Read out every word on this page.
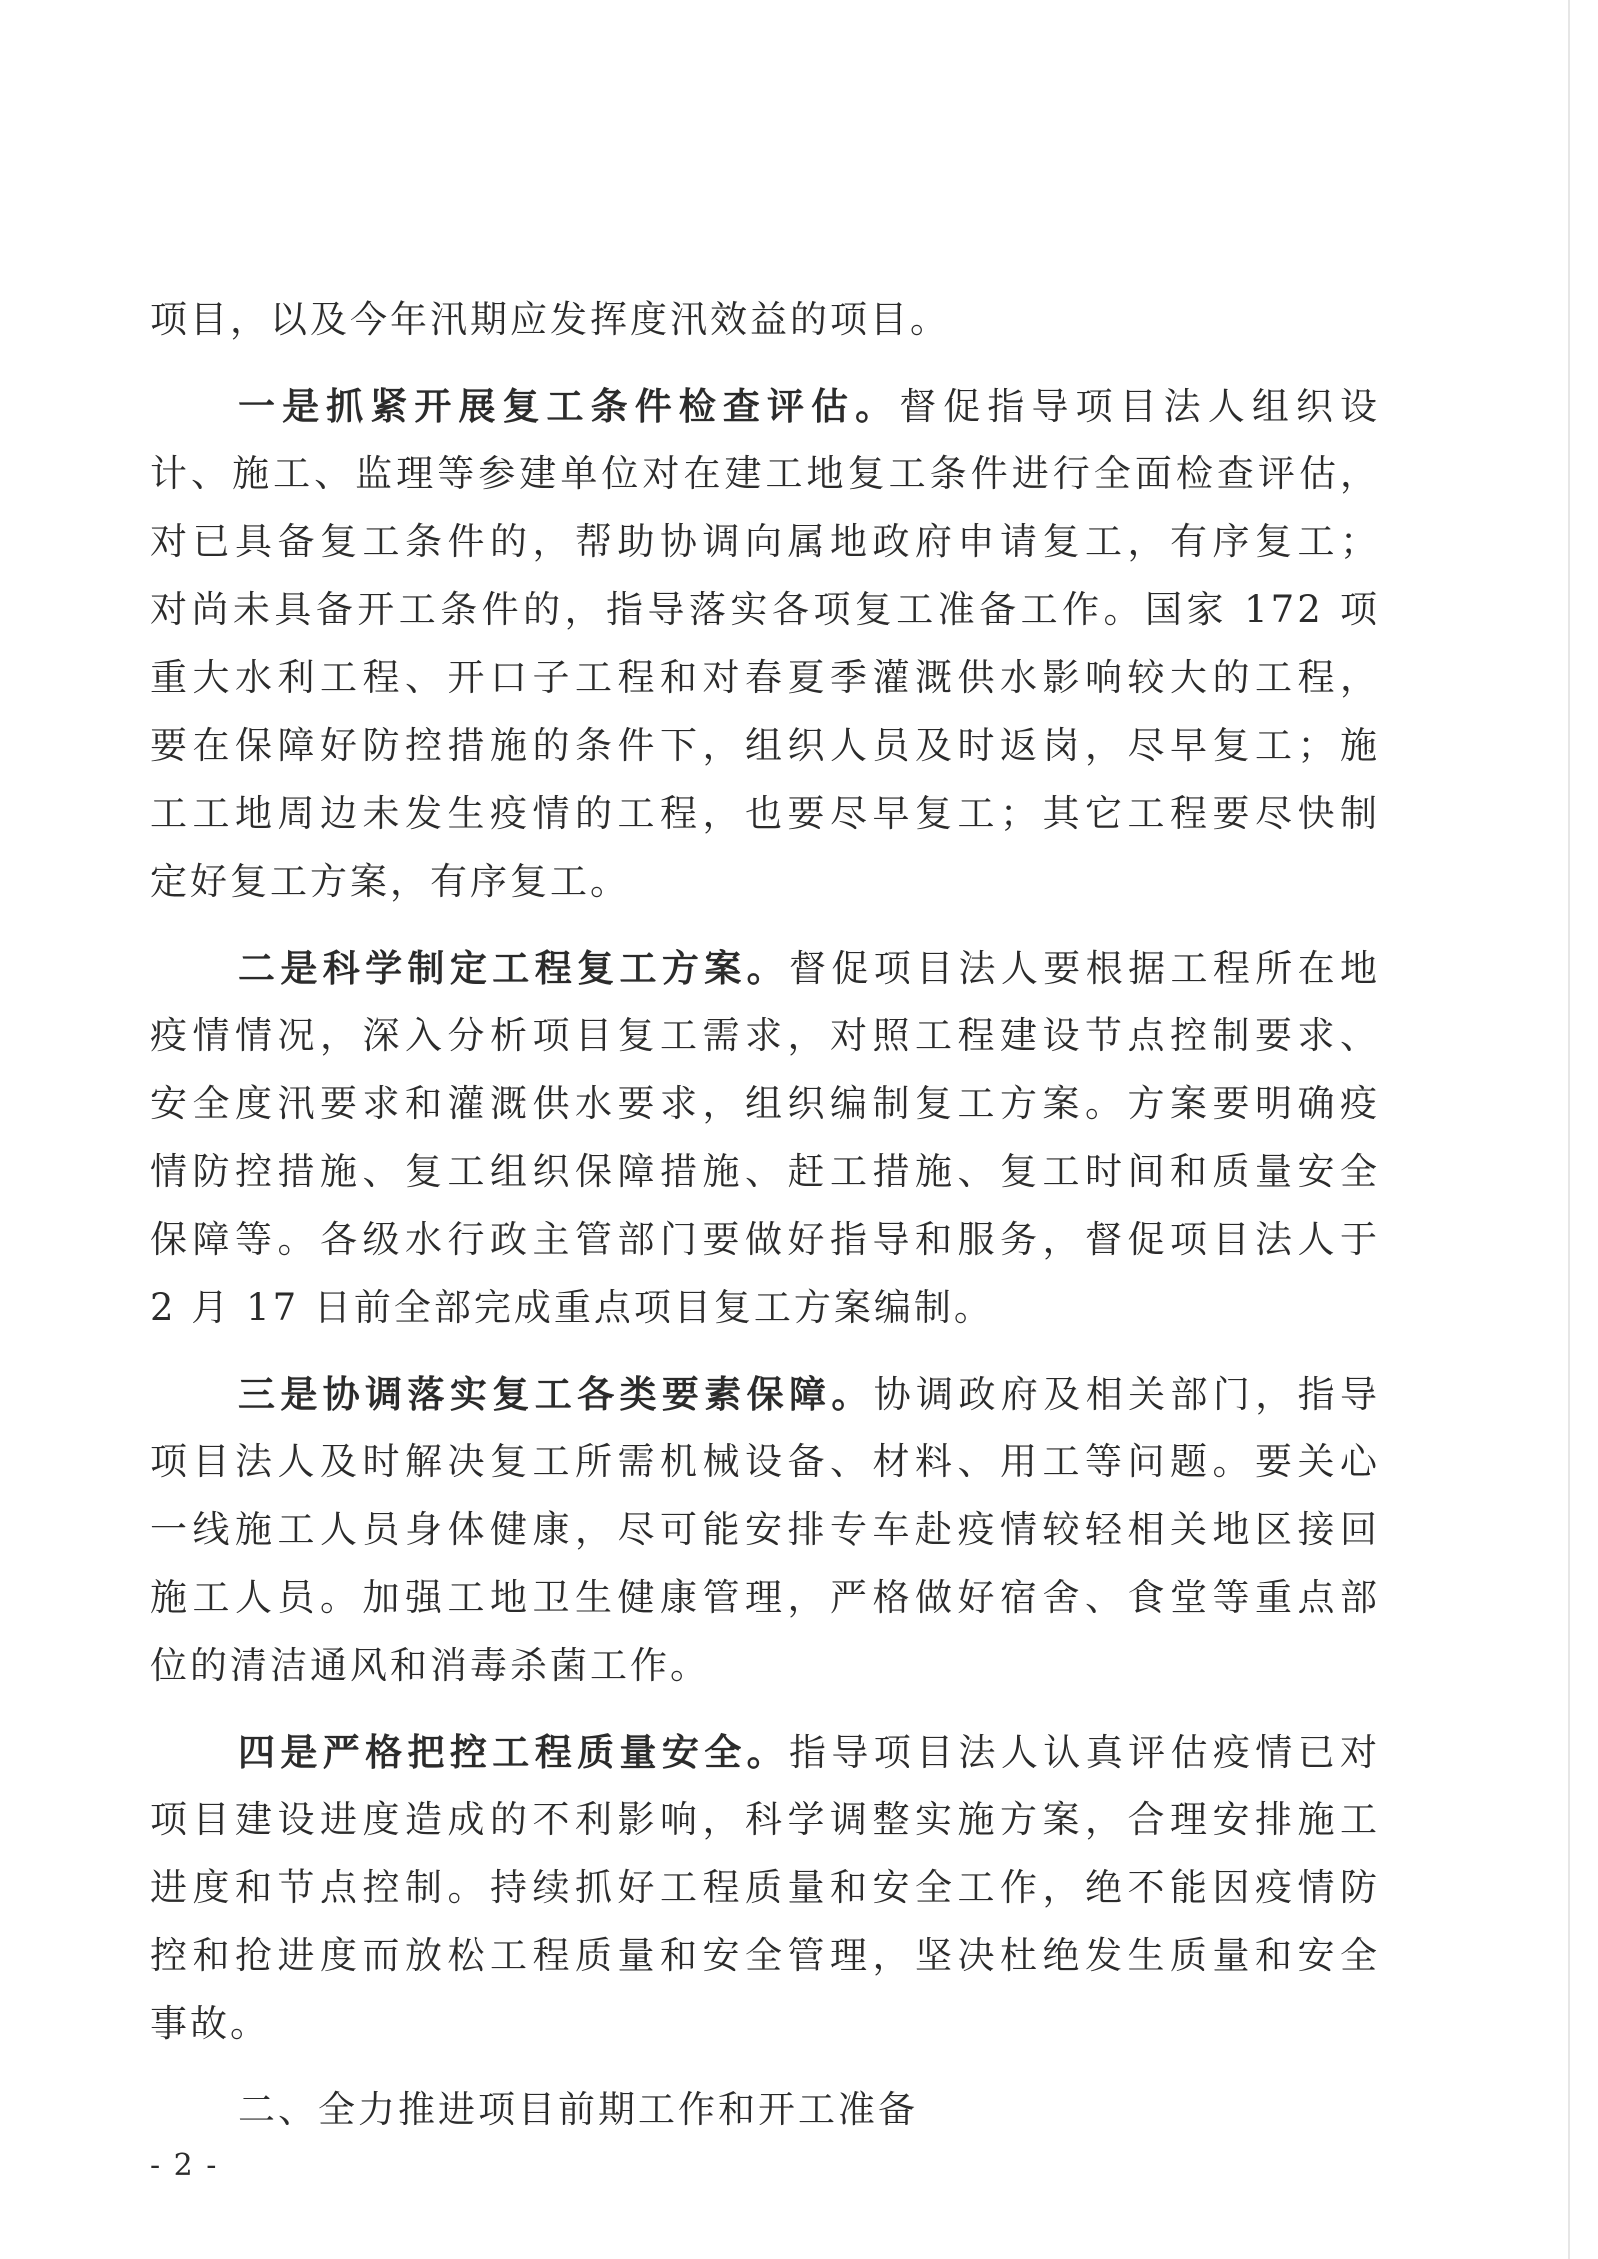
项目，以及今年汛期应发挥度汛效益的项目。
一是抓紧开展复工条件检查评估。督促指导项目法人组织设
计、施工、监理等参建单位对在建工地复工条件进行全面检查评估，
对已具备复工条件的，帮助协调向属地政府申请复工，有序复工；
对尚未具备开工条件的，指导落实各项复工准备工作。国家 172 项
重大水利工程、开口子工程和对春夏季灌溉供水影响较大的工程，
要在保障好防控措施的条件下，组织人员及时返岗，尽早复工；施
工工地周边未发生疫情的工程，也要尽早复工；其它工程要尽快制
定好复工方案，有序复工。
二是科学制定工程复工方案。督促项目法人要根据工程所在地
疫情情况，深入分析项目复工需求，对照工程建设节点控制要求、
安全度汛要求和灌溉供水要求，组织编制复工方案。方案要明确疫
情防控措施、复工组织保障措施、赶工措施、复工时间和质量安全
保障等。各级水行政主管部门要做好指导和服务，督促项目法人于
2 月 17 日前全部完成重点项目复工方案编制。
三是协调落实复工各类要素保障。协调政府及相关部门，指导
项目法人及时解决复工所需机械设备、材料、用工等问题。要关心
一线施工人员身体健康，尽可能安排专车赴疫情较轻相关地区接回
施工人员。加强工地卫生健康管理，严格做好宿舍、食堂等重点部
位的清洁通风和消毒杀菌工作。
四是严格把控工程质量安全。指导项目法人认真评估疫情已对
项目建设进度造成的不利影响，科学调整实施方案，合理安排施工
进度和节点控制。持续抓好工程质量和安全工作，绝不能因疫情防
控和抢进度而放松工程质量和安全管理，坚决杜绝发生质量和安全
事故。
二、全力推进项目前期工作和开工准备
- 2 -
